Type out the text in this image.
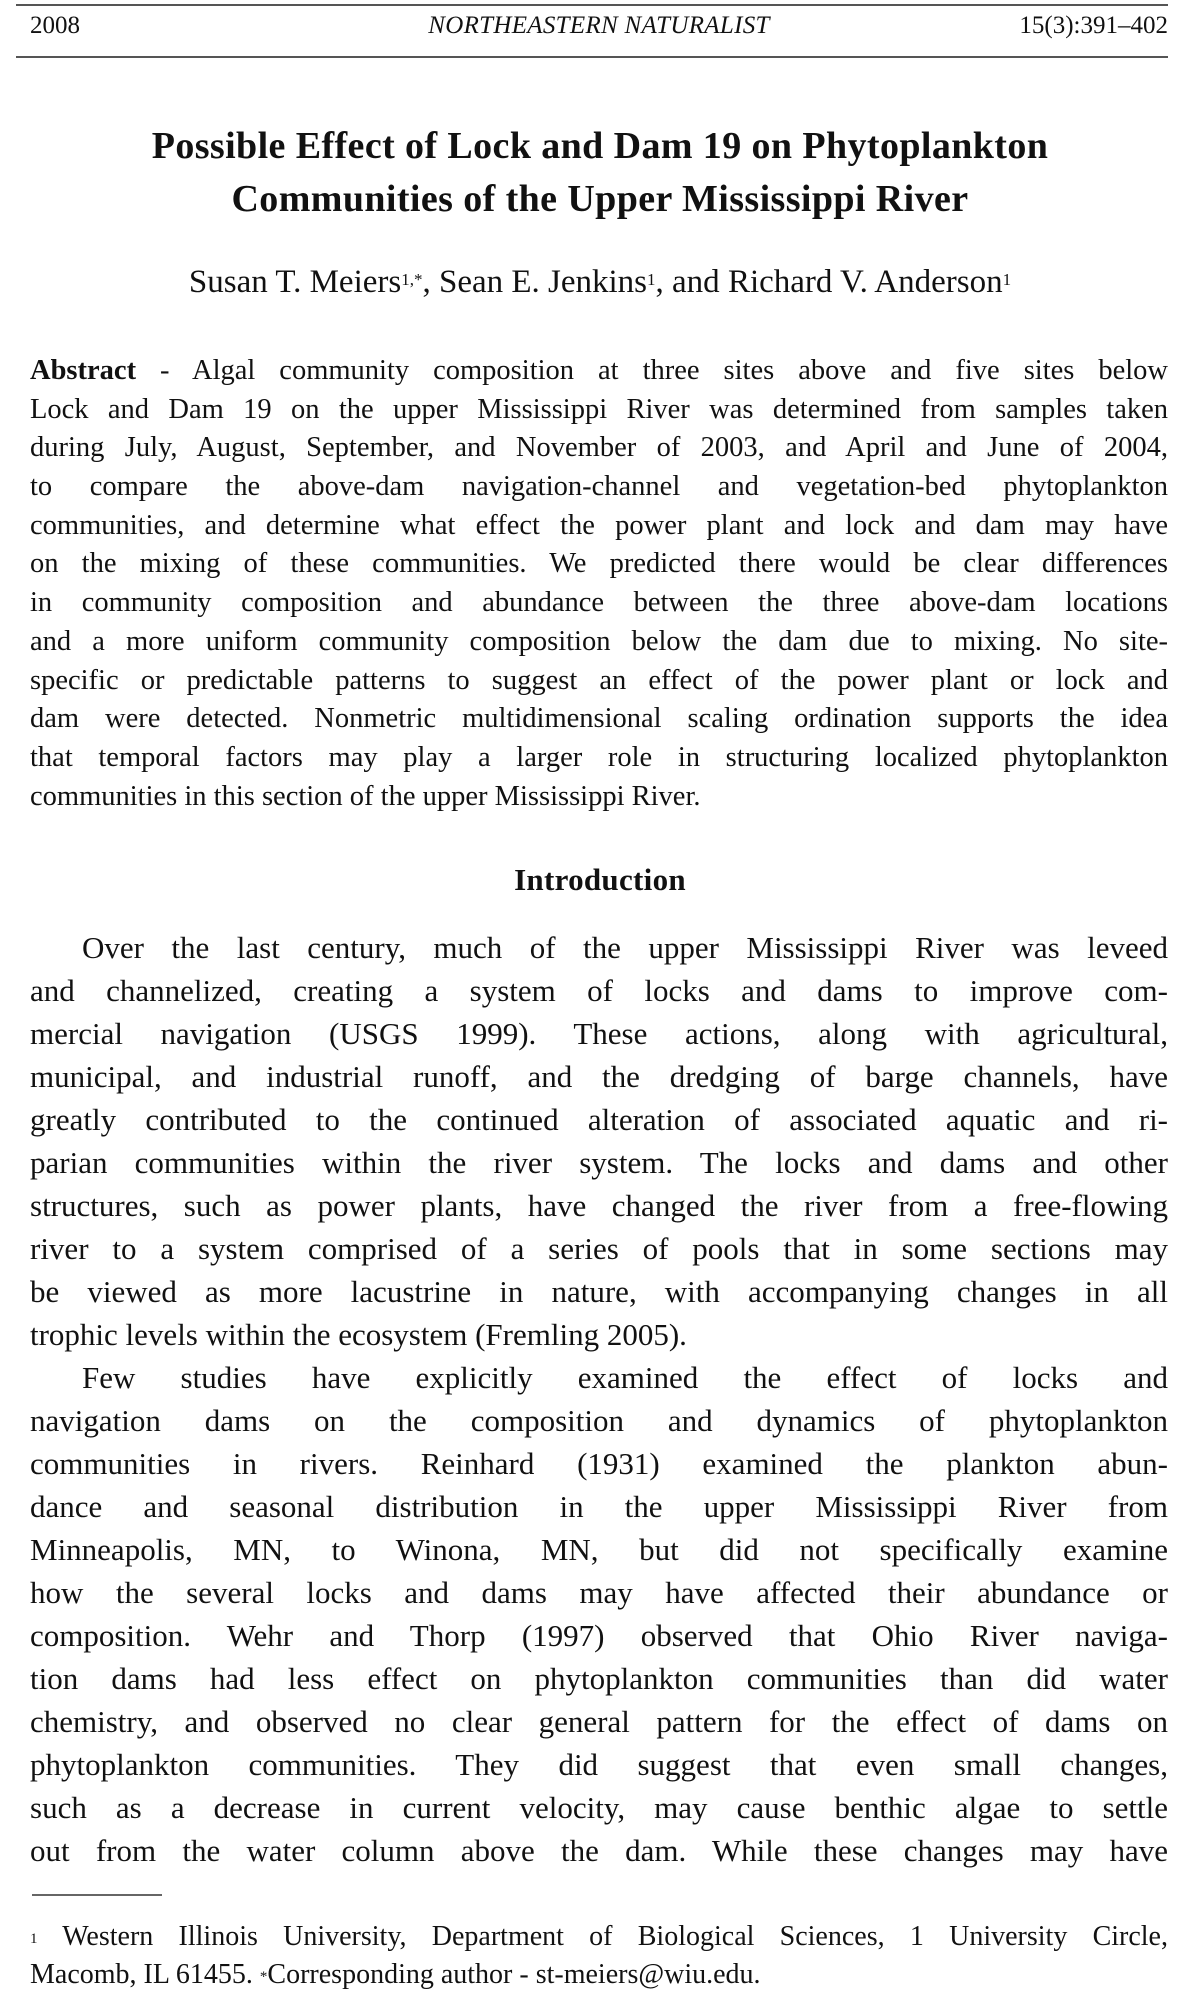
2008	NORTHEASTERN NATURALIST	15(3):391–402
Possible Effect of Lock and Dam 19 on Phytoplankton
Communities of the Upper Mississippi River
Susan T. Meiers$^{1,*}$, Sean E. Jenkins$^1$, and Richard V. Anderson$^1$
Abstract - Algal community composition at three sites above and five sites below
Lock and Dam 19 on the upper Mississippi River was determined from samples taken
during July, August, September, and November of 2003, and April and June of 2004,
to compare the above-dam navigation-channel and vegetation-bed phytoplankton
communities, and determine what effect the power plant and lock and dam may have
on the mixing of these communities. We predicted there would be clear differences
in community composition and abundance between the three above-dam locations
and a more uniform community composition below the dam due to mixing. No site-
specific or predictable patterns to suggest an effect of the power plant or lock and
dam were detected. Nonmetric multidimensional scaling ordination supports the idea
that temporal factors may play a larger role in structuring localized phytoplankton
communities in this section of the upper Mississippi River.
Introduction
Over the last century, much of the upper Mississippi River was leveed
and channelized, creating a system of locks and dams to improve com-
mercial navigation (USGS 1999). These actions, along with agricultural,
municipal, and industrial runoff, and the dredging of barge channels, have
greatly contributed to the continued alteration of associated aquatic and ri-
parian communities within the river system. The locks and dams and other
structures, such as power plants, have changed the river from a free-flowing
river to a system comprised of a series of pools that in some sections may
be viewed as more lacustrine in nature, with accompanying changes in all
trophic levels within the ecosystem (Fremling 2005).
Few studies have explicitly examined the effect of locks and
navigation dams on the composition and dynamics of phytoplankton
communities in rivers. Reinhard (1931) examined the plankton abun-
dance and seasonal distribution in the upper Mississippi River from
Minneapolis, MN, to Winona, MN, but did not specifically examine
how the several locks and dams may have affected their abundance or
composition. Wehr and Thorp (1997) observed that Ohio River naviga-
tion dams had less effect on phytoplankton communities than did water
chemistry, and observed no clear general pattern for the effect of dams on
phytoplankton communities. They did suggest that even small changes,
such as a decrease in current velocity, may cause benthic algae to settle
out from the water column above the dam. While these changes may have
$^1$ Western Illinois University, Department of Biological Sciences, 1 University Circle,
Macomb, IL 61455. *Corresponding author - st-meiers@wiu.edu.
